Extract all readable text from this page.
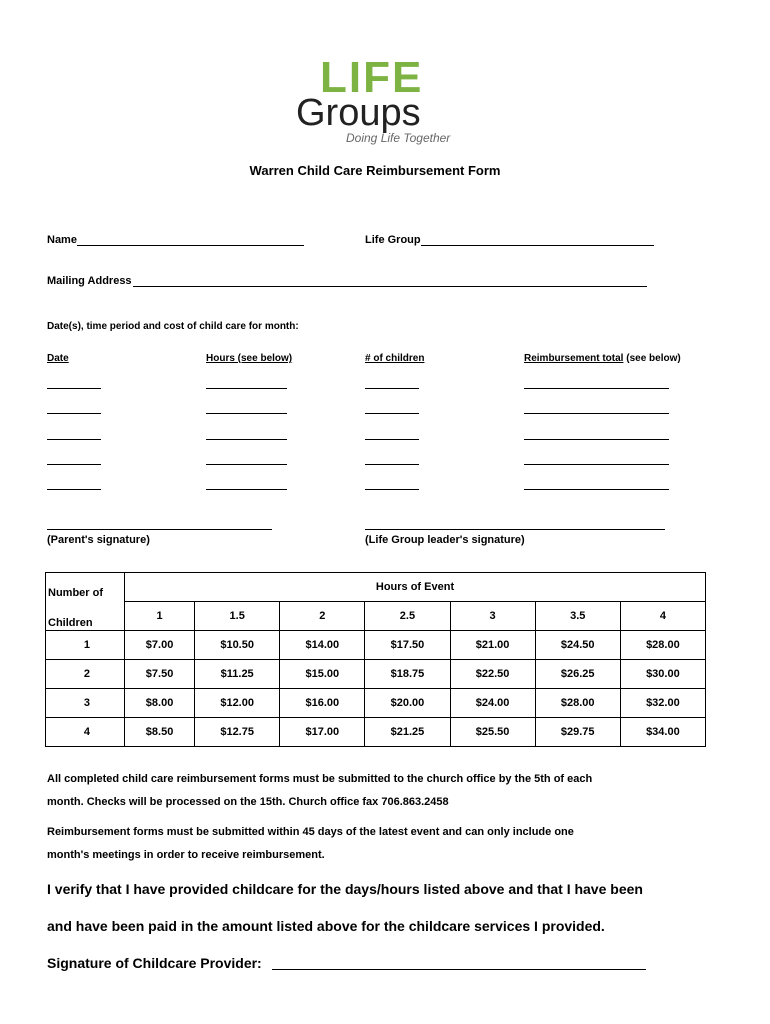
LIFE
Groups
Doing Life Together
Warren Child Care Reimbursement Form
Name	Life Group
Mailing Address
Date(s), time period and cost of child care for month:
Date	Hours (see below)	# of children	Reimbursement total (see below)
(Parent's signature)	(Life Group leader's signature)
Number of
Children	Hours of Event						
	1	1.5	2	2.5	3	3.5	4
1	$7.00	$10.50	$14.00	$17.50	$21.00	$24.50	$28.00
2	$7.50	$11.25	$15.00	$18.75	$22.50	$26.25	$30.00
3	$8.00	$12.00	$16.00	$20.00	$24.00	$28.00	$32.00
4	$8.50	$12.75	$17.00	$21.25	$25.50	$29.75	$34.00
All completed child care reimbursement forms must be submitted to the church office by the 5th of each
month. Checks will be processed on the 15th. Church office fax 706.863.2458
Reimbursement forms must be submitted within 45 days of the latest event and can only include one
month's meetings in order to receive reimbursement.
I verify that I have provided childcare for the days/hours listed above and that I have been
and have been paid in the amount listed above for the childcare services I provided.
Signature of Childcare Provider:
